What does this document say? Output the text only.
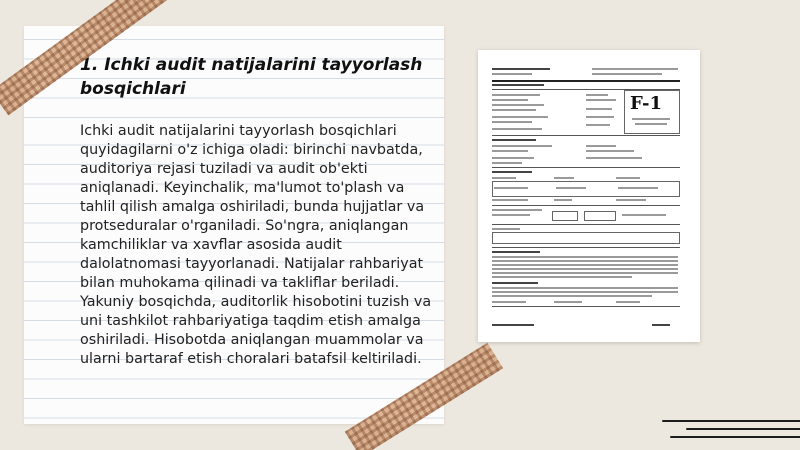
1. Ichki audit natijalarini tayyorlash bosqichlari

Ichki audit natijalarini tayyorlash bosqichlari quyidagilarni o'z ichiga oladi: birinchi navbatda, auditoriya rejasi tuziladi va audit ob'ekti aniqlanadi. Keyinchalik, ma'lumot to'plash va tahlil qilish amalga oshiriladi, bunda hujjatlar va protseduralar o'rganiladi. So'ngra, aniqlangan kamchiliklar va xavflar asosida audit dalolatnomasi tayyorlanadi. Natijalar rahbariyat bilan muhokama qilinadi va takliflar beriladi. Yakuniy bosqichda, auditorlik hisobotini tuzish va uni tashkilot rahbariyatiga taqdim etish amalga oshiriladi. Hisobotda aniqlangan muammolar va ularni bartaraf etish choralari batafsil keltiriladi.

F-1
